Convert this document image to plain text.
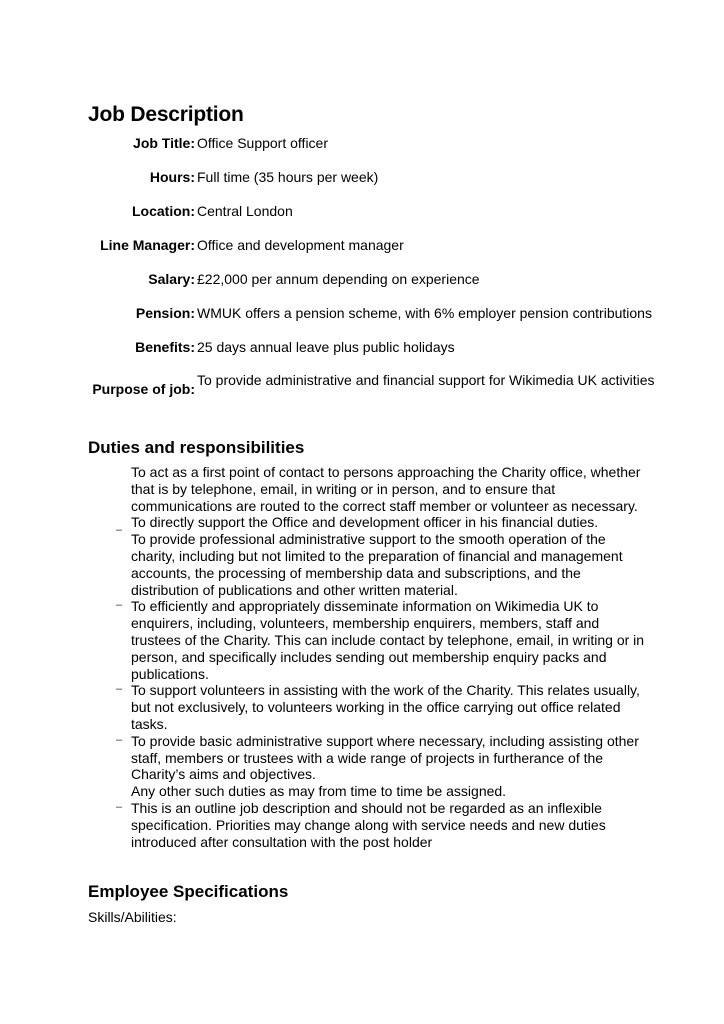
Job Description
Job Title: Office Support officer
Hours: Full time (35 hours per week)
Location: Central London
Line Manager: Office and development manager
Salary: £22,000 per annum depending on experience
Pension: WMUK offers a pension scheme, with 6% employer pension contributions
Benefits: 25 days annual leave plus public holidays
Purpose of job:
To provide administrative and financial support for Wikimedia UK activities
Duties and responsibilities
To act as a first point of contact to persons approaching the Charity office, whether that is by telephone, email, in writing or in person, and to ensure that communications are routed to the correct staff member or volunteer as necessary.
To directly support the Office and development officer in his financial duties.
–
To provide professional administrative support to the smooth operation of the charity, including but not limited to the preparation of financial and management accounts, the processing of membership data and subscriptions, and the distribution of publications and other written material.
– To efficiently and appropriately disseminate information on Wikimedia UK to enquirers, including, volunteers, membership enquirers, members, staff and trustees of the Charity. This can include contact by telephone, email, in writing or in person, and specifically includes sending out membership enquiry packs and publications.
– To support volunteers in assisting with the work of the Charity. This relates usually, but not exclusively, to volunteers working in the office carrying out office related tasks.
– To provide basic administrative support where necessary, including assisting other staff, members or trustees with a wide range of projects in furtherance of the Charity’s aims and objectives.
Any other such duties as may from time to time be assigned.
– This is an outline job description and should not be regarded as an inflexible specification. Priorities may change along with service needs and new duties introduced after consultation with the post holder
Employee Specifications
Skills/Abilities:
